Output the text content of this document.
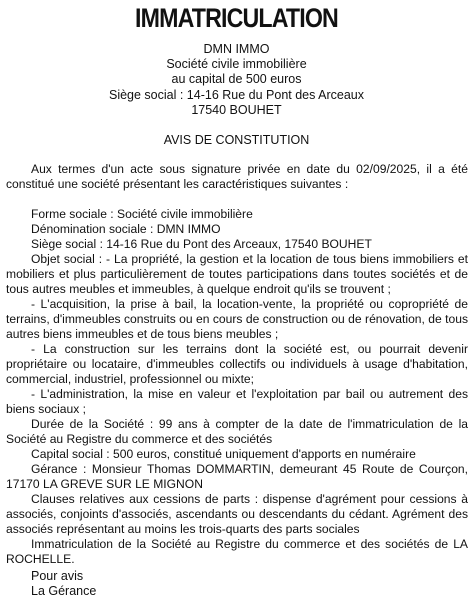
IMMATRICULATION
DMN IMMO
Société civile immobilière
au capital de 500 euros
Siège social : 14-16 Rue du Pont des Arceaux
17540 BOUHET
AVIS DE CONSTITUTION

Aux termes d'un acte sous signature privée en date du 02/09/2025, il a été constitué une société présentant les caractéristiques suivantes :

Forme sociale : Société civile immobilière

Dénomination sociale : DMN IMMO

Siège social : 14-16 Rue du Pont des Arceaux, 17540 BOUHET

Objet social : - La propriété, la gestion et la location de tous biens immobiliers et mobiliers et plus particulièrement de toutes participations dans toutes sociétés et de tous autres meubles et immeubles, à quelque endroit qu'ils se trouvent ;

- L'acquisition, la prise à bail, la location-vente, la propriété ou copropriété de terrains, d'immeubles construits ou en cours de construction ou de rénovation, de tous autres biens immeubles et de tous biens meubles ;

- La construction sur les terrains dont la société est, ou pourrait devenir propriétaire ou locataire, d'immeubles collectifs ou individuels à usage d'habitation, commercial, industriel, professionnel ou mixte;

- L'administration, la mise en valeur et l'exploitation par bail ou autrement des biens sociaux ;

Durée de la Société : 99 ans à compter de la date de l'immatriculation de la Société au Registre du commerce et des sociétés

Capital social : 500 euros, constitué uniquement d'apports en numéraire

Gérance : Monsieur Thomas DOMMARTIN, demeurant 45 Route de Courçon, 17170 LA GREVE SUR LE MIGNON

Clauses relatives aux cessions de parts : dispense d'agrément pour cessions à associés, conjoints d'associés, ascendants ou descendants du cédant. Agrément des associés représentant au moins les trois-quarts des parts sociales

Immatriculation de la Société au Registre du commerce et des sociétés de LA ROCHELLE.

Pour avis
La Gérance
